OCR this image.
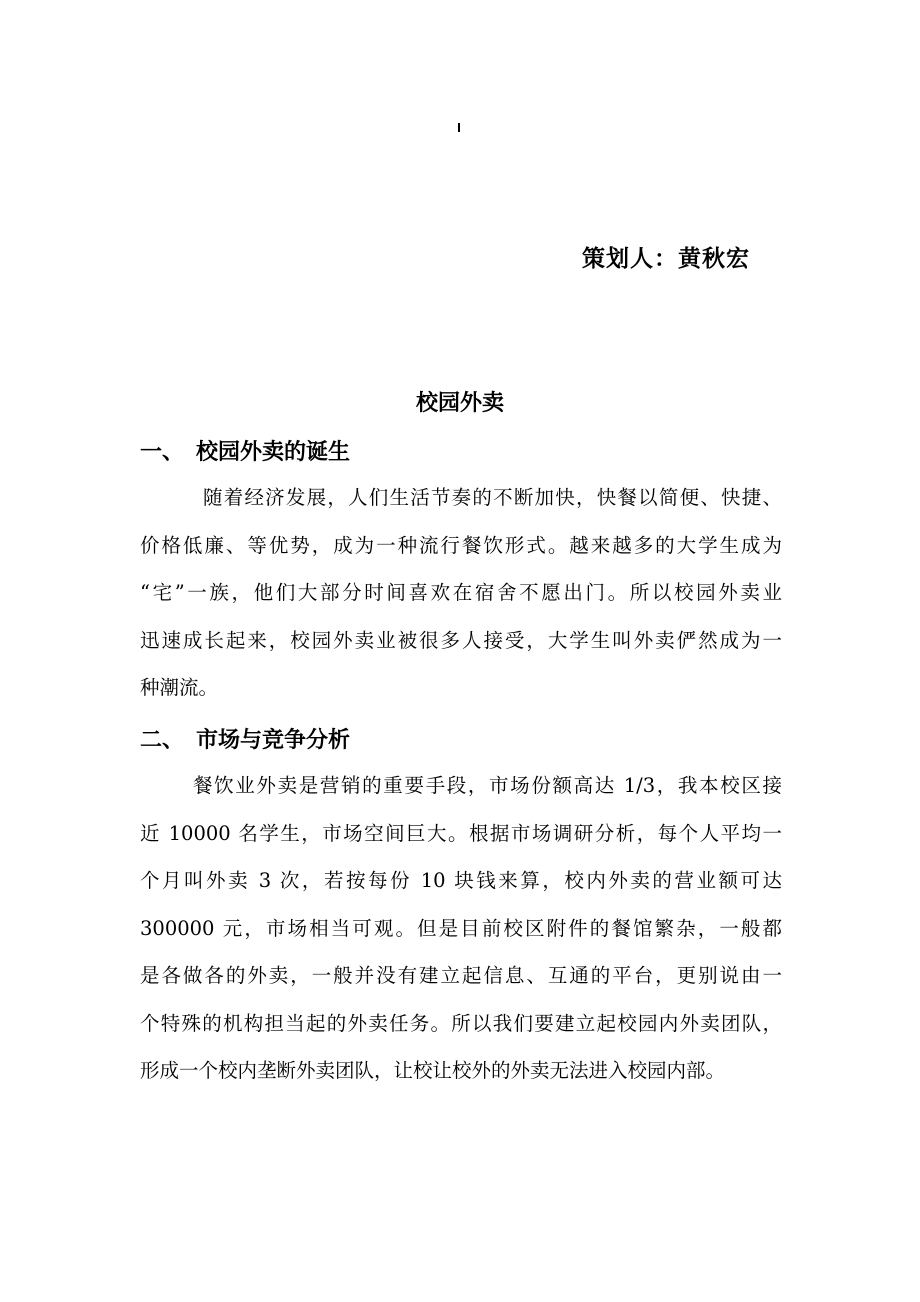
策划人：黄秋宏
校园外卖
一、 校园外卖的诞生
随着经济发展，人们生活节奏的不断加快，快餐以简便、快捷、
价格低廉、等优势，成为一种流行餐饮形式。越来越多的大学生成为
“宅”一族，他们大部分时间喜欢在宿舍不愿出门。所以校园外卖业
迅速成长起来，校园外卖业被很多人接受，大学生叫外卖俨然成为一
种潮流。
二、 市场与竞争分析
餐饮业外卖是营销的重要手段，市场份额高达 1/3，我本校区接
近 10000 名学生，市场空间巨大。根据市场调研分析，每个人平均一
个月叫外卖 3 次，若按每份 10 块钱来算，校内外卖的营业额可达
300000 元，市场相当可观。但是目前校区附件的餐馆繁杂，一般都
是各做各的外卖，一般并没有建立起信息、互通的平台，更别说由一
个特殊的机构担当起的外卖任务。所以我们要建立起校园内外卖团队，
形成一个校内垄断外卖团队，让校让校外的外卖无法进入校园内部。
